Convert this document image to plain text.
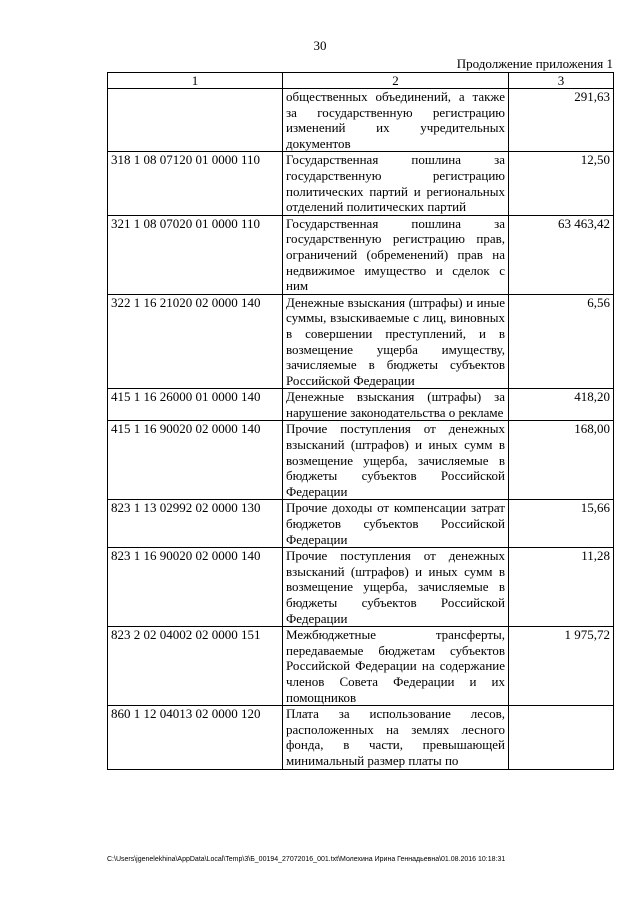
30
Продолжение приложения 1
1	2	3
	общественных объединений, а также за государственную регистрацию изменений их учредительных документов	291,63
318 1 08 07120 01 0000 110	Государственная пошлина за государственную регистрацию политических партий и региональных отделений политических партий	12,50
321 1 08 07020 01 0000 110	Государственная пошлина за государственную регистрацию прав, ограничений (обременений) прав на недвижимое имущество и сделок с ним	63 463,42
322 1 16 21020 02 0000 140	Денежные взыскания (штрафы) и иные суммы, взыскиваемые с лиц, виновных в совершении преступлений, и в возмещение ущерба имуществу, зачисляемые в бюджеты субъектов Российской Федерации	6,56
415 1 16 26000 01 0000 140	Денежные взыскания (штрафы) за нарушение законодательства о рекламе	418,20
415 1 16 90020 02 0000 140	Прочие поступления от денежных взысканий (штрафов) и иных сумм в возмещение ущерба, зачисляемые в бюджеты субъектов Российской Федерации	168,00
823 1 13 02992 02 0000 130	Прочие доходы от компенсации затрат бюджетов субъектов Российской Федерации	15,66
823 1 16 90020 02 0000 140	Прочие поступления от денежных взысканий (штрафов) и иных сумм в возмещение ущерба, зачисляемые в бюджеты субъектов Российской Федерации	11,28
823 2 02 04002 02 0000 151	Межбюджетные трансферты, передаваемые бюджетам субъектов Российской Федерации на содержание членов Совета Федерации и их помощников	1 975,72
860 1 12 04013 02 0000 120	Плата за использование лесов, расположенных на землях лесного фонда, в части, превышающей минимальный размер платы по	
C:\Users\jgenelekhina\AppData\Local\Temp\3\Б_00194_27072016_001.txt\Молехина Ирина Геннадьевна\01.08.2016 10:18:31
